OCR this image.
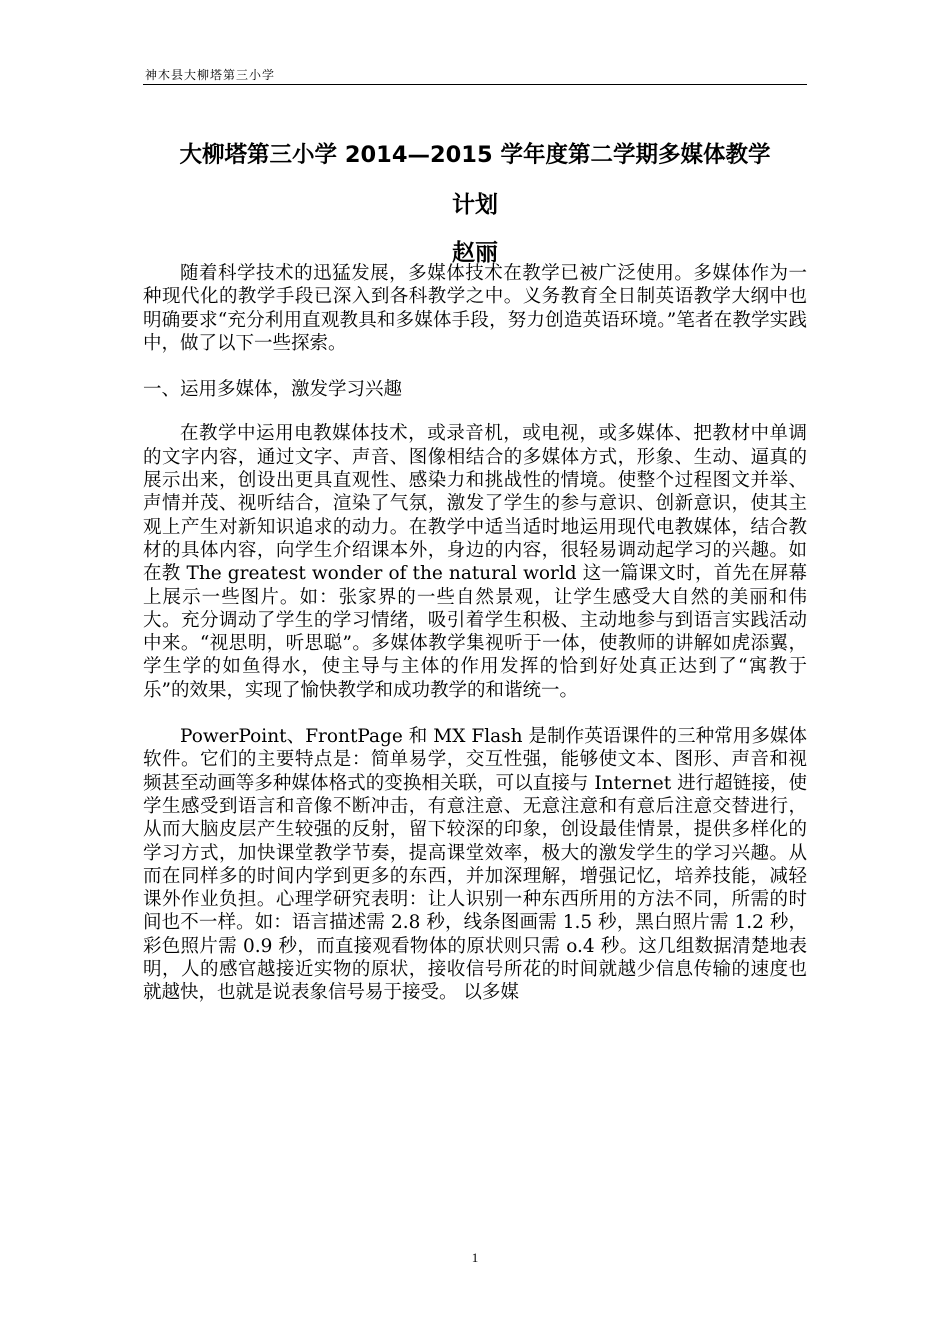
神木县大柳塔第三小学
大柳塔第三小学 2014—2015 学年度第二学期多媒体教学
计划
赵丽

随着科学技术的迅猛发展，多媒体技术在教学已被广泛使用。多媒体作为一种现代化的教学手段已深入到各科教学之中。义务教育全日制英语教学大纲中也明确要求“充分利用直观教具和多媒体手段，努力创造英语环境。”笔者在教学实践中，做了以下一些探索。

一、运用多媒体，激发学习兴趣

在教学中运用电教媒体技术，或录音机，或电视，或多媒体、把教材中单调的文字内容，通过文字、声音、图像相结合的多媒体方式，形象、生动、逼真的展示出来，创设出更具直观性、感染力和挑战性的情境。使整个过程图文并举、声情并茂、视听结合，渲染了气氛，激发了学生的参与意识、创新意识，使其主观上产生对新知识追求的动力。在教学中适当适时地运用现代电教媒体，结合教材的具体内容，向学生介绍课本外，身边的内容，很轻易调动起学习的兴趣。如在教 The greatest wonder of the natural world 这一篇课文时，首先在屏幕上展示一些图片。如：张家界的一些自然景观，让学生感受大自然的美丽和伟大。充分调动了学生的学习情绪，吸引着学生积极、主动地参与到语言实践活动中来。“视思明，听思聪”。多媒体教学集视听于一体，使教师的讲解如虎添翼，学生学的如鱼得水，使主导与主体的作用发挥的恰到好处真正达到了“寓教于乐”的效果，实现了愉快教学和成功教学的和谐统一。

PowerPoint、FrontPage 和 MX Flash 是制作英语课件的三种常用多媒体软件。它们的主要特点是：简单易学，交互性强，能够使文本、图形、声音和视频甚至动画等多种媒体格式的变换相关联，可以直接与 Internet 进行超链接，使学生感受到语言和音像不断冲击，有意注意、无意注意和有意后注意交替进行，从而大脑皮层产生较强的反射，留下较深的印象，创设最佳情景，提供多样化的学习方式，加快课堂教学节奏，提高课堂效率，极大的激发学生的学习兴趣。从而在同样多的时间内学到更多的东西，并加深理解，增强记忆，培养技能，减轻课外作业负担。心理学研究表明：让人识别一种东西所用的方法不同，所需的时间也不一样。如：语言描述需 2.8 秒，线条图画需 1.5 秒，黑白照片需 1.2 秒，彩色照片需 0.9 秒，而直接观看物体的原状则只需 o.4 秒。这几组数据清楚地表明，人的感官越接近实物的原状，接收信号所花的时间就越少信息传输的速度也就越快，也就是说表象信号易于接受。 以多媒

1
